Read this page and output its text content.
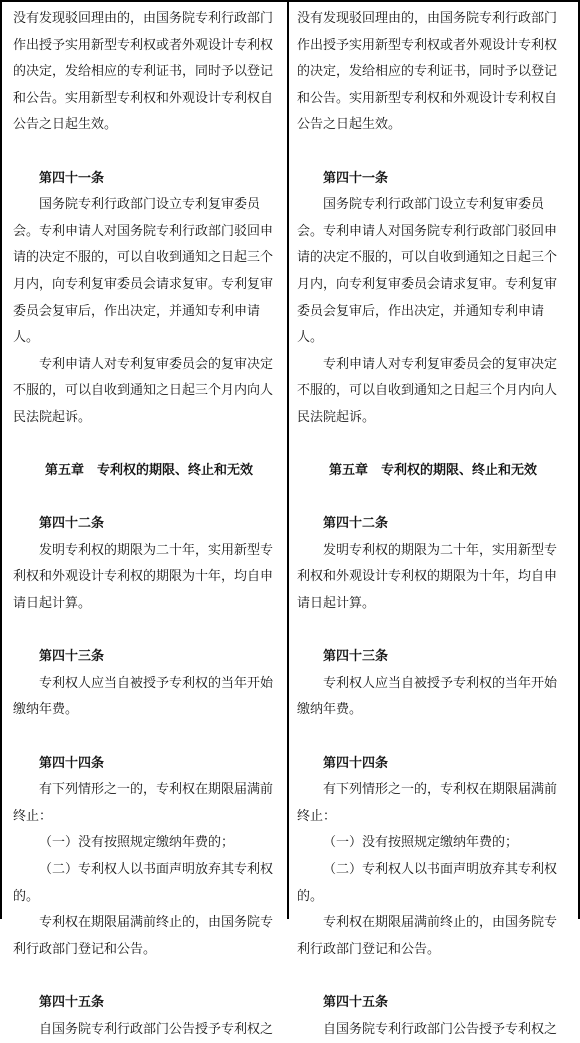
没有发现驳回理由的，由国务院专利行政部门作出授予实用新型专利权或者外观设计专利权的决定，发给相应的专利证书，同时予以登记和公告。实用新型专利权和外观设计专利权自公告之日起生效。

第四十一条

国务院专利行政部门设立专利复审委员会。专利申请人对国务院专利行政部门驳回申请的决定不服的，可以自收到通知之日起三个月内，向专利复审委员会请求复审。专利复审委员会复审后，作出决定，并通知专利申请人。

专利申请人对专利复审委员会的复审决定不服的，可以自收到通知之日起三个月内向人民法院起诉。

第五章　专利权的期限、终止和无效

第四十二条

发明专利权的期限为二十年，实用新型专利权和外观设计专利权的期限为十年，均自申请日起计算。

第四十三条

专利权人应当自被授予专利权的当年开始缴纳年费。

第四十四条

有下列情形之一的，专利权在期限届满前终止：

（一）没有按照规定缴纳年费的；

（二）专利权人以书面声明放弃其专利权的。

专利权在期限届满前终止的，由国务院专利行政部门登记和公告。

第四十五条

自国务院专利行政部门公告授予专利权之

没有发现驳回理由的，由国务院专利行政部门作出授予实用新型专利权或者外观设计专利权的决定，发给相应的专利证书，同时予以登记和公告。实用新型专利权和外观设计专利权自公告之日起生效。

第四十一条

国务院专利行政部门设立专利复审委员会。专利申请人对国务院专利行政部门驳回申请的决定不服的，可以自收到通知之日起三个月内，向专利复审委员会请求复审。专利复审委员会复审后，作出决定，并通知专利申请人。

专利申请人对专利复审委员会的复审决定不服的，可以自收到通知之日起三个月内向人民法院起诉。

第五章　专利权的期限、终止和无效

第四十二条

发明专利权的期限为二十年，实用新型专利权和外观设计专利权的期限为十年，均自申请日起计算。

第四十三条

专利权人应当自被授予专利权的当年开始缴纳年费。

第四十四条

有下列情形之一的，专利权在期限届满前终止：

（一）没有按照规定缴纳年费的；

（二）专利权人以书面声明放弃其专利权的。

专利权在期限届满前终止的，由国务院专利行政部门登记和公告。

第四十五条

自国务院专利行政部门公告授予专利权之
